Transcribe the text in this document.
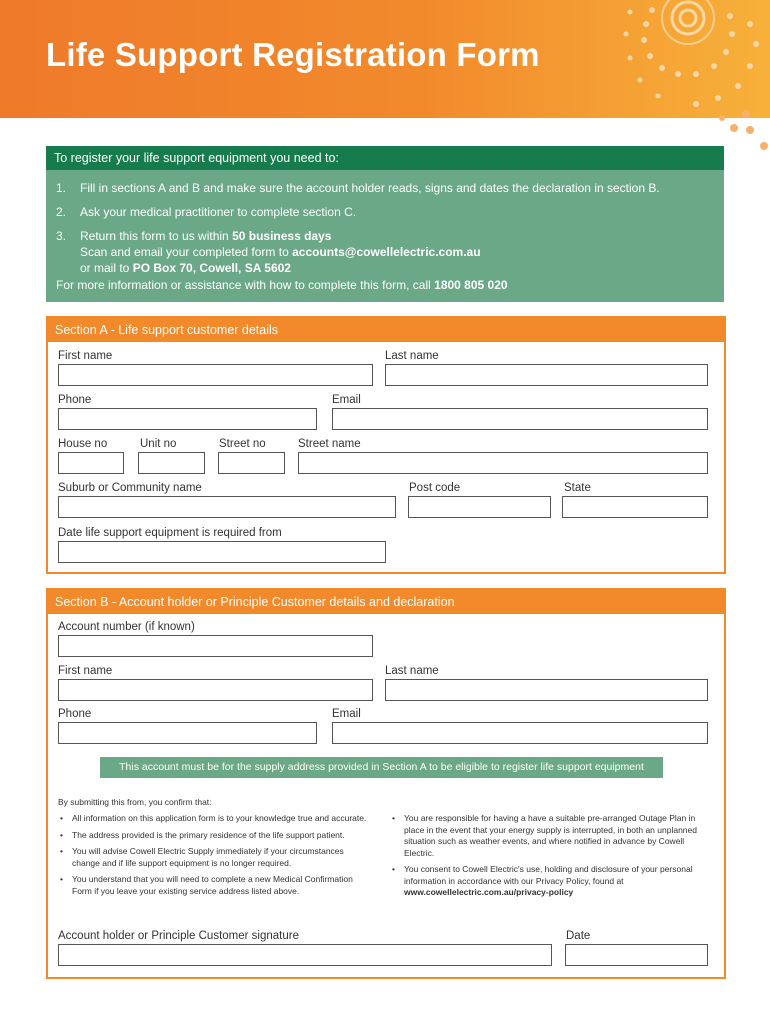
Life Support Registration Form
To register your life support equipment you need to:
1. Fill in sections A and B and make sure the account holder reads, signs and dates the declaration in section B.
2. Ask your medical practitioner to complete section C.
3. Return this form to us within 50 business days
Scan and email your completed form to accounts@cowellelectric.com.au
or mail to PO Box 70, Cowell, SA 5602
For more information or assistance with how to complete this form, call 1800 805 020
Section A - Life support customer details
First name	Last name
Phone	Email
House no	Unit no	Street no	Street name
Suburb or Community name	Post code	State
Date life support equipment is required from
Section B - Account holder or Principle Customer details and declaration
Account number (if known)
First name	Last name
Phone	Email
By submitting this from, you confirm that:
• All information on this application form is to your knowledge true and accurate.
• The address provided is the primary residence of the life support patient.
• You will advise Cowell Electric Supply immediately if your circumstances change and if life support equipment is no longer required.
• You understand that you will need to complete a new Medical Confirmation Form if you leave your existing service address listed above.
• You are responsible for having a have a suitable pre-arranged Outage Plan in place in the event that your energy supply is interrupted, in both an unplanned situation such as weather events, and where notified in advance by Cowell Electric.
• You consent to Cowell Electric's use, holding and disclosure of your personal information in accordance with our Privacy Policy, found at
www.cowellelectric.com.au/privacy-policy
Account holder or Principle Customer signature	Date
This account must be for the supply address provided in Section A to be eligible to register life support equipment
